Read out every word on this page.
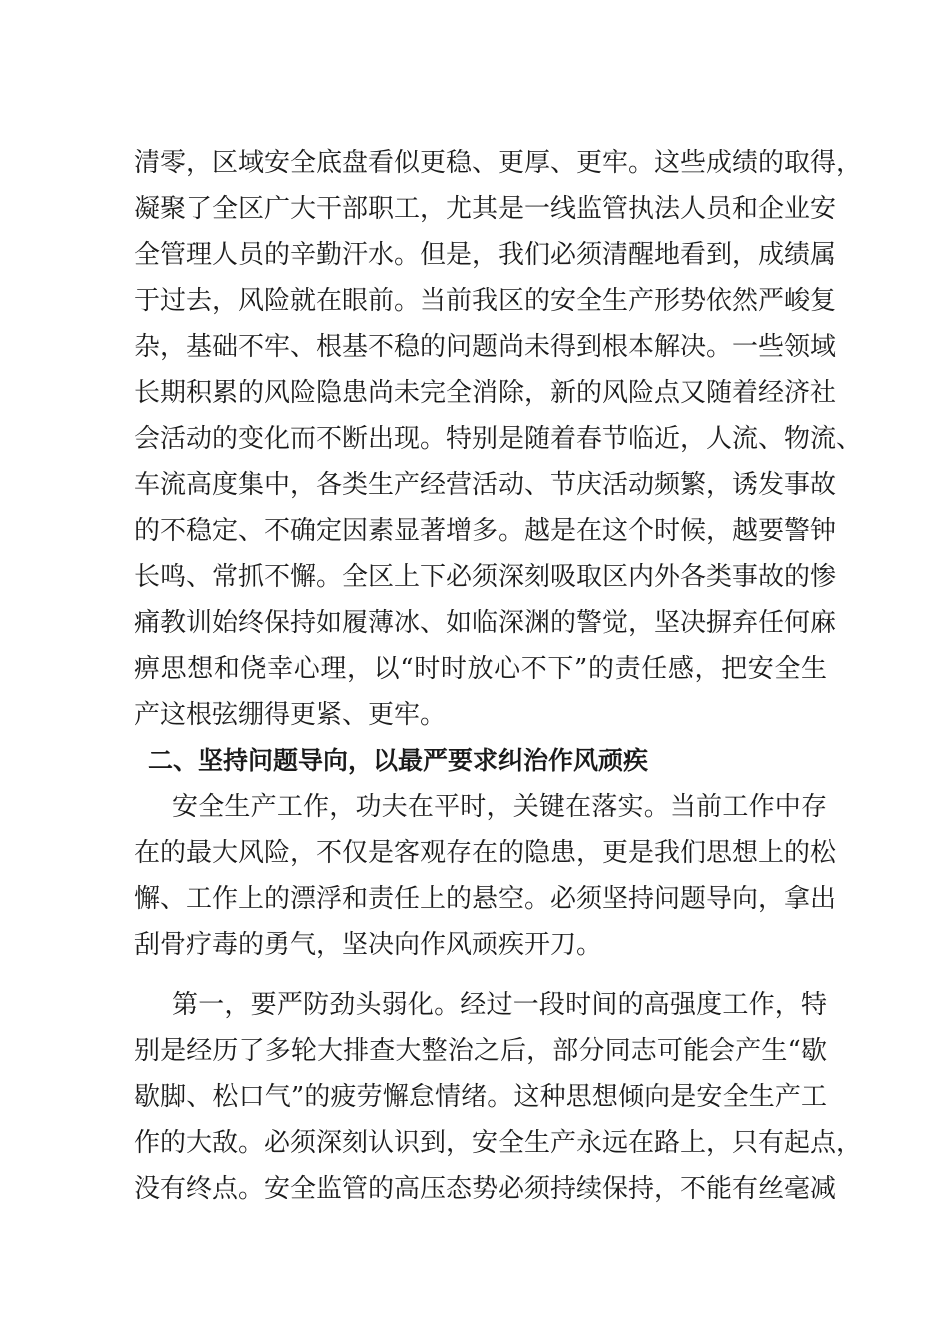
清零，区域安全底盘看似更稳、更厚、更牢。这些成绩的取得，
凝聚了全区广大干部职工，尤其是一线监管执法人员和企业安
全管理人员的辛勤汗水。但是，我们必须清醒地看到，成绩属
于过去，风险就在眼前。当前我区的安全生产形势依然严峻复
杂，基础不牢、根基不稳的问题尚未得到根本解决。一些领域
长期积累的风险隐患尚未完全消除，新的风险点又随着经济社
会活动的变化而不断出现。特别是随着春节临近，人流、物流、
车流高度集中，各类生产经营活动、节庆活动频繁，诱发事故
的不稳定、不确定因素显著增多。越是在这个时候，越要警钟
长鸣、常抓不懈。全区上下必须深刻吸取区内外各类事故的惨
痛教训始终保持如履薄冰、如临深渊的警觉，坚决摒弃任何麻
痹思想和侥幸心理，以“时时放心不下”的责任感，把安全生
产这根弦绷得更紧、更牢。
二、坚持问题导向，以最严要求纠治作风顽疾
安全生产工作，功夫在平时，关键在落实。当前工作中存
在的最大风险，不仅是客观存在的隐患，更是我们思想上的松
懈、工作上的漂浮和责任上的悬空。必须坚持问题导向，拿出
刮骨疗毒的勇气，坚决向作风顽疾开刀。
第一，要严防劲头弱化。经过一段时间的高强度工作，特
别是经历了多轮大排查大整治之后，部分同志可能会产生“歇
歇脚、松口气”的疲劳懈怠情绪。这种思想倾向是安全生产工
作的大敌。必须深刻认识到，安全生产永远在路上，只有起点，
没有终点。安全监管的高压态势必须持续保持，不能有丝毫减
